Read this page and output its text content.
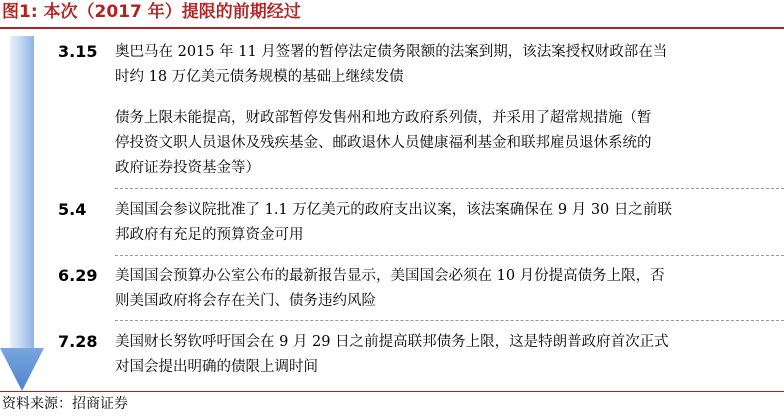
图1: 本次（2017 年）提限的前期经过
3.15 奥巴马在 2015 年 11 月签署的暂停法定债务限额的法案到期，该法案授权财政部在当
时约 18 万亿美元债务规模的基础上继续发债
债务上限未能提高，财政部暂停发售州和地方政府系列债，并采用了超常规措施（暂
停投资文职人员退休及残疾基金、邮政退休人员健康福利基金和联邦雇员退休系统的
政府证券投资基金等）
5.4 美国国会参议院批准了 1.1 万亿美元的政府支出议案，该法案确保在 9 月 30 日之前联
邦政府有充足的预算资金可用
6.29 美国国会预算办公室公布的最新报告显示，美国国会必须在 10 月份提高债务上限，否
则美国政府将会存在关门、债务违约风险
7.28 美国财长努钦呼吁国会在 9 月 29 日之前提高联邦债务上限，这是特朗普政府首次正式
对国会提出明确的债限上调时间
资料来源：招商证券
